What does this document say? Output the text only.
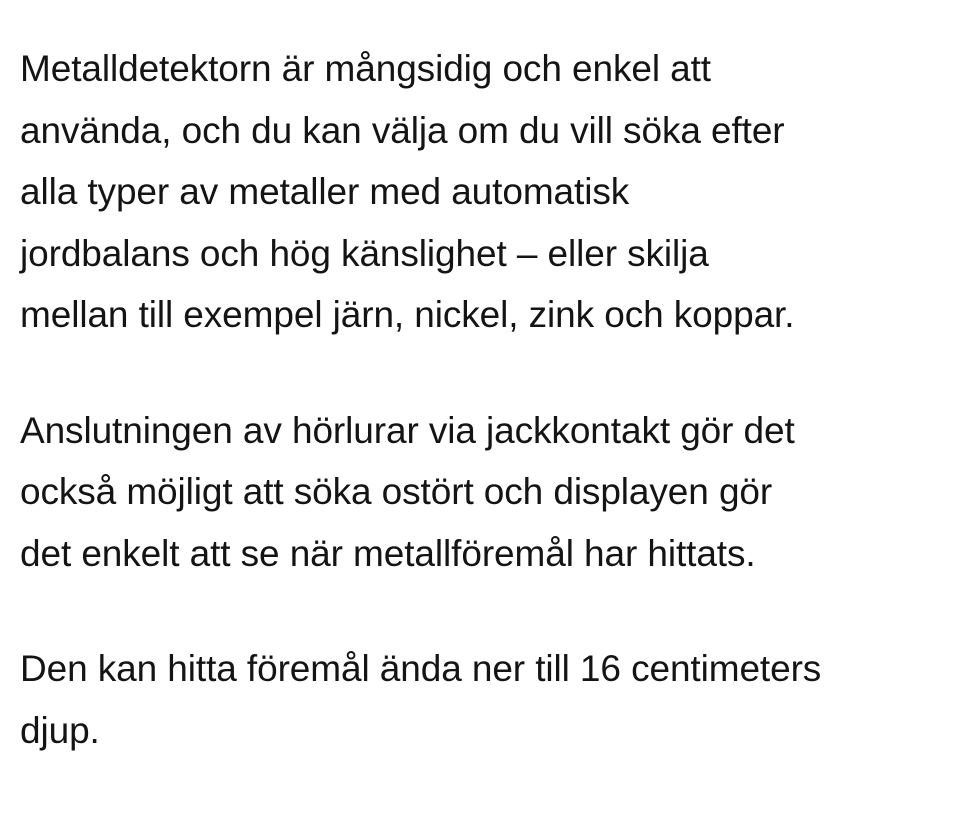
Metalldetektorn är mångsidig och enkel att
använda, och du kan välja om du vill söka efter
alla typer av metaller med automatisk
jordbalans och hög känslighet – eller skilja
mellan till exempel järn, nickel, zink och koppar.

Anslutningen av hörlurar via jackkontakt gör det
också möjligt att söka ostört och displayen gör
det enkelt att se när metallföremål har hittats.

Den kan hitta föremål ända ner till 16 centimeters
djup.
